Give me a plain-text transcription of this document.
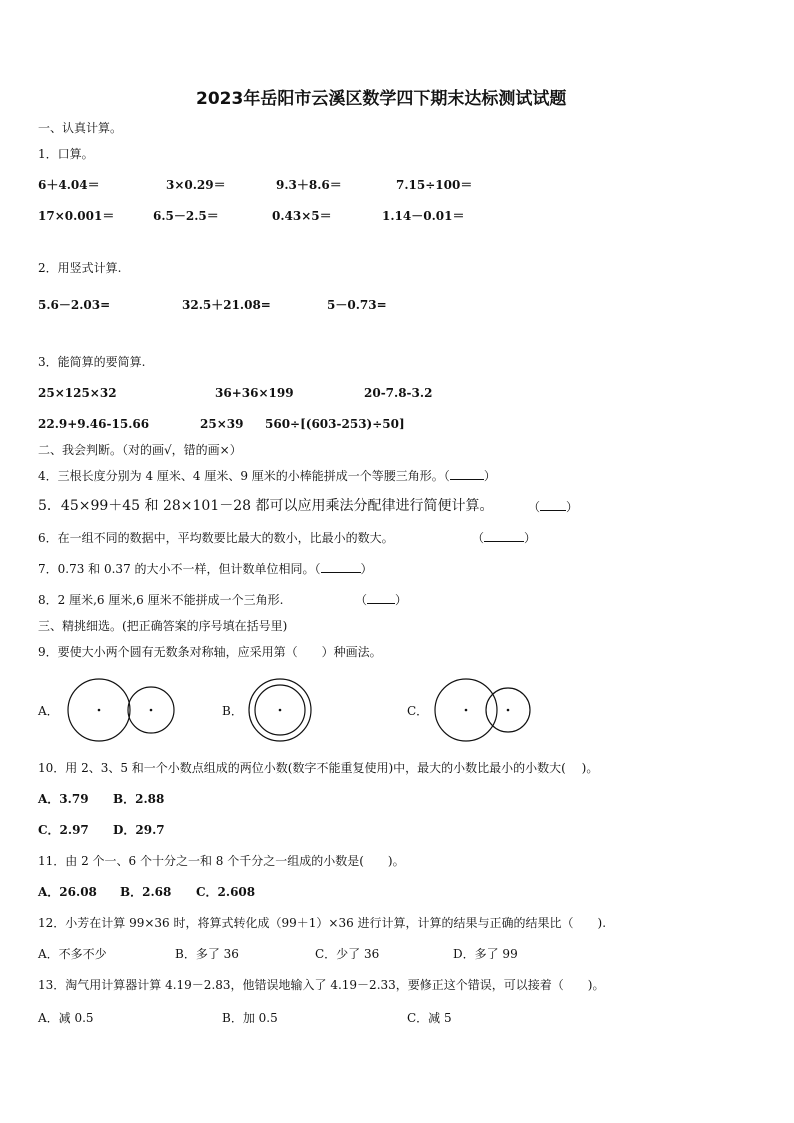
2023年岳阳市云溪区数学四下期末达标测试试题
一、认真计算。
1．口算。
6＋4.04＝	3×0.29＝	9.3＋8.6＝	7.15÷100＝
17×0.001＝	6.5－2.5＝	0.43×5＝	1.14－0.01＝
2．用竖式计算.
5.6－2.03=	32.5＋21.08=	5－0.73=
3．能简算的要简算.
25×125×32	36+36×199	20-7.8-3.2
22.9+9.46-15.66	25×39 560÷[(603-253)÷50]
二、我会判断。（对的画√，错的画×）
4．三根长度分别为 4 厘米、4 厘米、9 厘米的小棒能拼成一个等腰三角形。（	）
5．45×99＋45 和 28×101－28 都可以应用乘法分配律进行简便计算。	（ ）
6．在一组不同的数据中，平均数要比最大的数小，比最小的数大。	（	）
7．0.73 和 0.37 的大小不一样，但计数单位相同。（	）
8．2 厘米,6 厘米,6 厘米不能拼成一个三角形.	（ ）
三、精挑细选。(把正确答案的序号填在括号里)
9．要使大小两个圆有无数条对称轴，应采用第（　　）种画法。
A．	B．	C．
10．用 2、3、5 和一个小数点组成的两位小数(数字不能重复使用)中，最大的小数比最小的小数大(　 )。
A．3.79 B．2.88
C．2.97 D．29.7
11．由 2 个一、6 个十分之一和 8 个千分之一组成的小数是(　　)。
A．26.08 B．2.68 C．2.608
12．小芳在计算 99×36 时，将算式转化成（99＋1）×36 进行计算，计算的结果与正确的结果比（　　).
A．不多不少	B．多了 36	C．少了 36	D．多了 99
13．淘气用计算器计算 4.19－2.83，他错误地输入了 4.19－2.33，要修正这个错误，可以接着（　　)。
A．减 0.5	B．加 0.5	C．减 5
